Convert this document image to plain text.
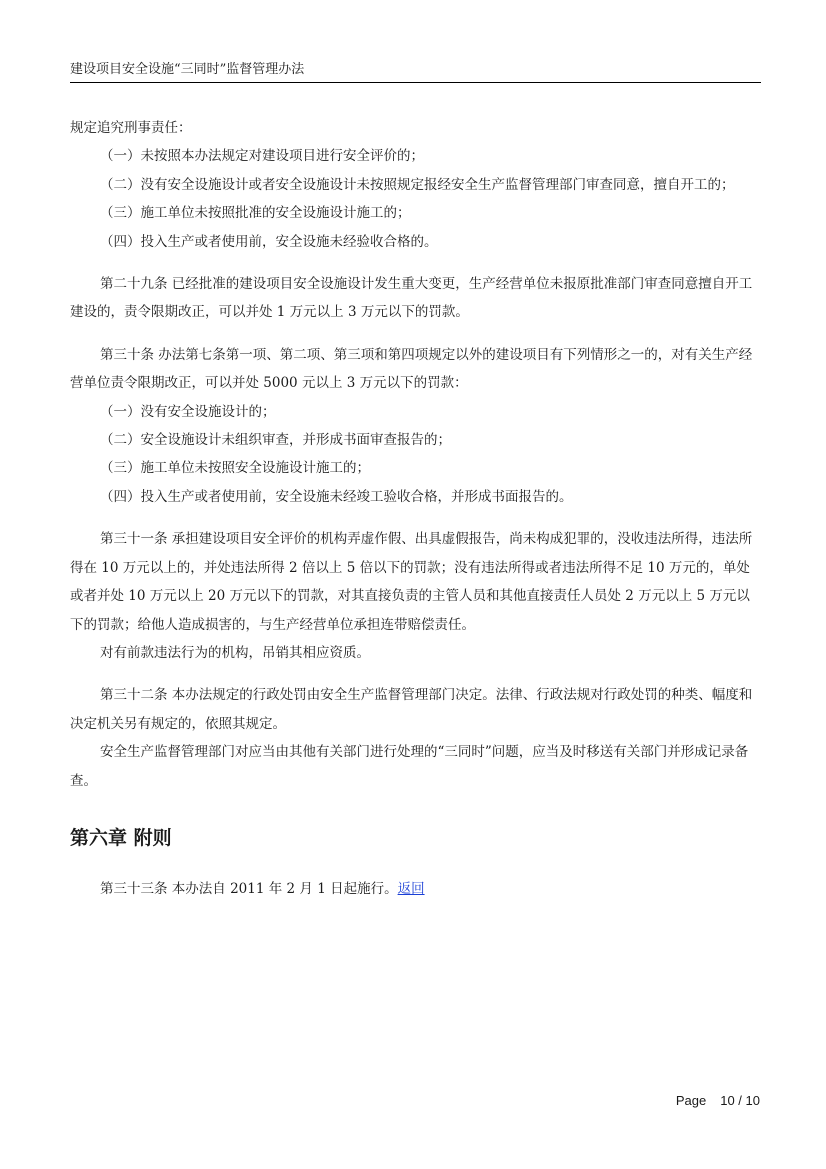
建设项目安全设施“三同时”监督管理办法

规定追究刑事责任：

（一）未按照本办法规定对建设项目进行安全评价的；

（二）没有安全设施设计或者安全设施设计未按照规定报经安全生产监督管理部门审查同意，擅自开工的；

（三）施工单位未按照批准的安全设施设计施工的；

（四）投入生产或者使用前，安全设施未经验收合格的。

第二十九条 已经批准的建设项目安全设施设计发生重大变更，生产经营单位未报原批准部门审查同意擅自开工建设的，责令限期改正，可以并处 1 万元以上 3 万元以下的罚款。

第三十条 办法第七条第一项、第二项、第三项和第四项规定以外的建设项目有下列情形之一的，对有关生产经营单位责令限期改正，可以并处 5000 元以上 3 万元以下的罚款：

（一）没有安全设施设计的；

（二）安全设施设计未组织审查，并形成书面审查报告的；

（三）施工单位未按照安全设施设计施工的；

（四）投入生产或者使用前，安全设施未经竣工验收合格，并形成书面报告的。

第三十一条 承担建设项目安全评价的机构弄虚作假、出具虚假报告，尚未构成犯罪的，没收违法所得，违法所得在 10 万元以上的，并处违法所得 2 倍以上 5 倍以下的罚款；没有违法所得或者违法所得不足 10 万元的，单处或者并处 10 万元以上 20 万元以下的罚款，对其直接负责的主管人员和其他直接责任人员处 2 万元以上 5 万元以下的罚款；给他人造成损害的，与生产经营单位承担连带赔偿责任。

对有前款违法行为的机构，吊销其相应资质。

第三十二条 本办法规定的行政处罚由安全生产监督管理部门决定。法律、行政法规对行政处罚的种类、幅度和决定机关另有规定的，依照其规定。

安全生产监督管理部门对应当由其他有关部门进行处理的“三同时”问题，应当及时移送有关部门并形成记录备查。

第六章 附则

第三十三条 本办法自 2011 年 2 月 1 日起施行。返回

Page 10 / 10
